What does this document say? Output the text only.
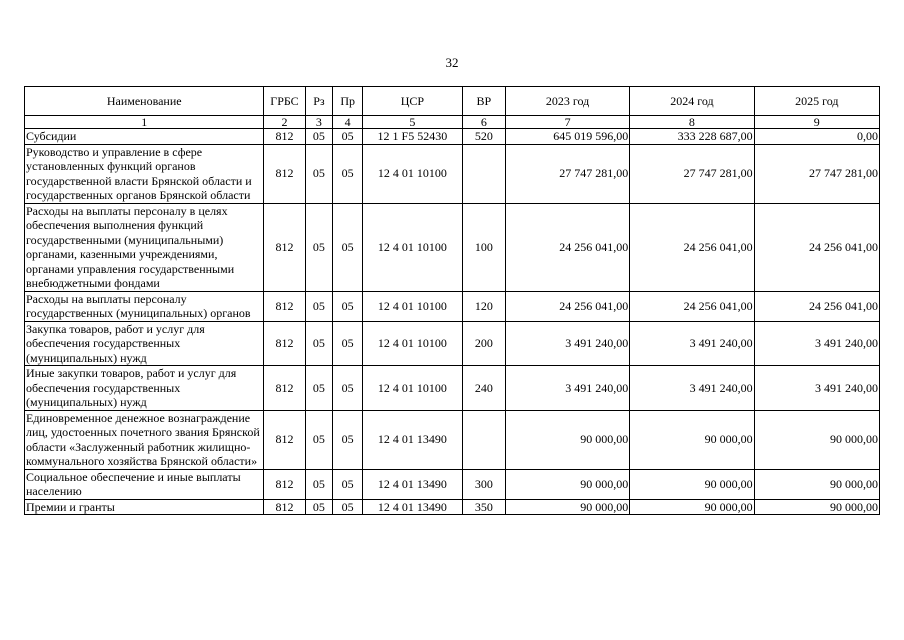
32
Наименование	ГРБС	Рз	Пр	ЦСР	ВР	2023 год	2024 год	2025 год
1	2	3	4	5	6	7	8	9
Субсидии	812	05	05	12 1 F5 52430	520	645 019 596,00	333 228 687,00	0,00
Руководство и управление в сфере установленных функций органов государственной власти Брянской области и государственных органов Брянской области	812	05	05	12 4 01 10100		27 747 281,00	27 747 281,00	27 747 281,00
Расходы на выплаты персоналу в целях обеспечения выполнения функций государственными (муниципальными) органами, казенными учреждениями, органами управления государственными внебюджетными фондами	812	05	05	12 4 01 10100	100	24 256 041,00	24 256 041,00	24 256 041,00
Расходы на выплаты персоналу государственных (муниципальных) органов	812	05	05	12 4 01 10100	120	24 256 041,00	24 256 041,00	24 256 041,00
Закупка товаров, работ и услуг для обеспечения государственных (муниципальных) нужд	812	05	05	12 4 01 10100	200	3 491 240,00	3 491 240,00	3 491 240,00
Иные закупки товаров, работ и услуг для обеспечения государственных (муниципальных) нужд	812	05	05	12 4 01 10100	240	3 491 240,00	3 491 240,00	3 491 240,00
Единовременное денежное вознаграждение лиц, удостоенных почетного звания Брянской области «Заслуженный работник жилищно-коммунального хозяйства Брянской области»	812	05	05	12 4 01 13490		90 000,00	90 000,00	90 000,00
Социальное обеспечение и иные выплаты населению	812	05	05	12 4 01 13490	300	90 000,00	90 000,00	90 000,00
Премии и гранты	812	05	05	12 4 01 13490	350	90 000,00	90 000,00	90 000,00
